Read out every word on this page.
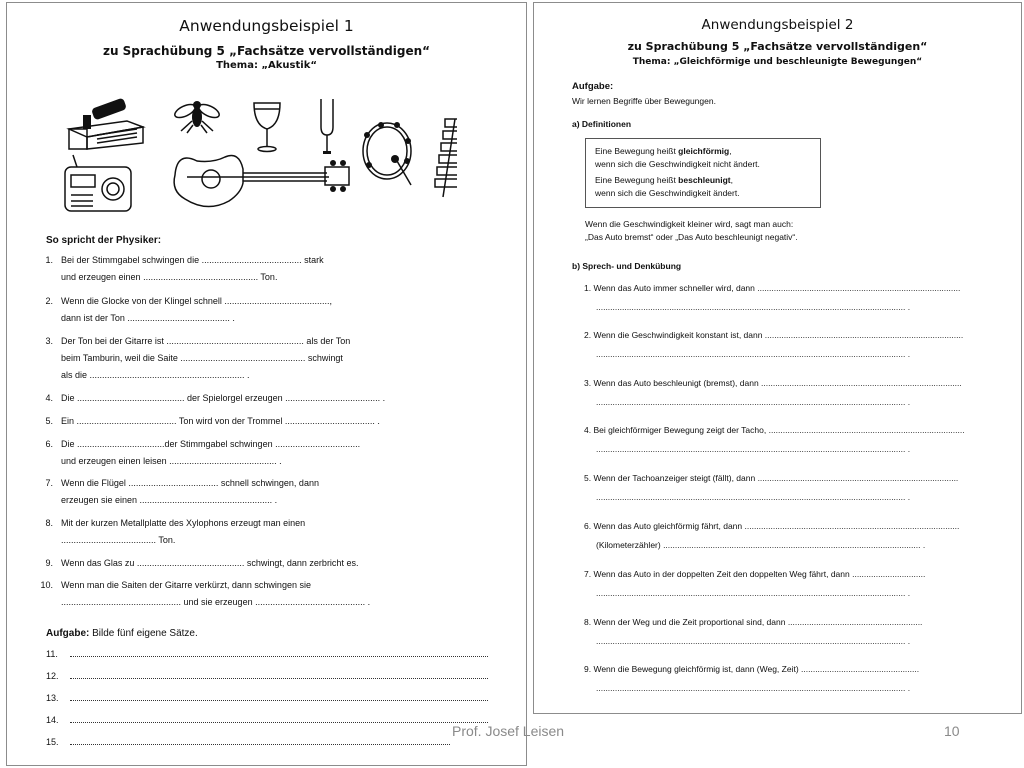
Anwendungsbeispiel 1
zu Sprachübung 5 „Fachsätze vervollständigen“
Thema: „Akustik“
So spricht der Physiker:
1. Bei der Stimmgabel schwingen die ........................................ stark
und erzeugen einen .............................................. Ton.
2. Wenn die Glocke von der Klingel schnell ..........................................,
dann ist der Ton ......................................... .
3. Der Ton bei der Gitarre ist ....................................................... als der Ton
beim Tamburin, weil die Saite .................................................. schwingt
als die .............................................................. .
4. Die ........................................... der Spielorgel erzeugen ...................................... .
5. Ein ........................................ Ton wird von der Trommel .................................... .
6. Die ...................................der Stimmgabel schwingen ..................................
und erzeugen einen leisen ........................................... .
7. Wenn die Flügel .................................... schnell schwingen, dann
erzeugen sie einen ..................................................... .
8. Mit der kurzen Metallplatte des Xylophons erzeugt man einen
...................................... Ton.
9. Wenn das Glas zu ........................................... schwingt, dann zerbricht es.
10. Wenn man die Saiten der Gitarre verkürzt, dann schwingen sie
................................................ und sie erzeugen ............................................ .
Aufgabe: Bilde fünf eigene Sätze.
11.
12.
13.
14.
15.
Anwendungsbeispiel 2
zu Sprachübung 5 „Fachsätze vervollständigen“
Thema: „Gleichförmige und beschleunigte Bewegungen“
Aufgabe:
Wir lernen Begriffe über Bewegungen.
a) Definitionen
Eine Bewegung heißt gleichförmig,
wenn sich die Geschwindigkeit nicht ändert.
Eine Bewegung heißt beschleunigt,
wenn sich die Geschwindigkeit ändert.
Wenn die Geschwindigkeit kleiner wird, sagt man auch:
„Das Auto bremst“ oder „Das Auto beschleunigt negativ“.
b) Sprech- und Denkübung
1. Wenn das Auto immer schneller wird, dann ......................................................................................
................................................................................................................................... .
2. Wenn die Geschwindigkeit konstant ist, dann ....................................................................................
................................................................................................................................... .
3. Wenn das Auto beschleunigt (bremst), dann .....................................................................................
................................................................................................................................... .
4. Bei gleichförmiger Bewegung zeigt der Tacho, ...................................................................................
................................................................................................................................... .
5. Wenn der Tachoanzeiger steigt (fällt), dann .....................................................................................
................................................................................................................................... .
6. Wenn das Auto gleichförmig fährt, dann ...........................................................................................
(Kilometerzähler) ............................................................................................................. .
7. Wenn das Auto in der doppelten Zeit den doppelten Weg fährt, dann ...............................
................................................................................................................................... .
8. Wenn der Weg und die Zeit proportional sind, dann .........................................................
................................................................................................................................... .
9. Wenn die Bewegung gleichförmig ist, dann (Weg, Zeit) ..................................................
................................................................................................................................... .
Prof. Josef Leisen	10
